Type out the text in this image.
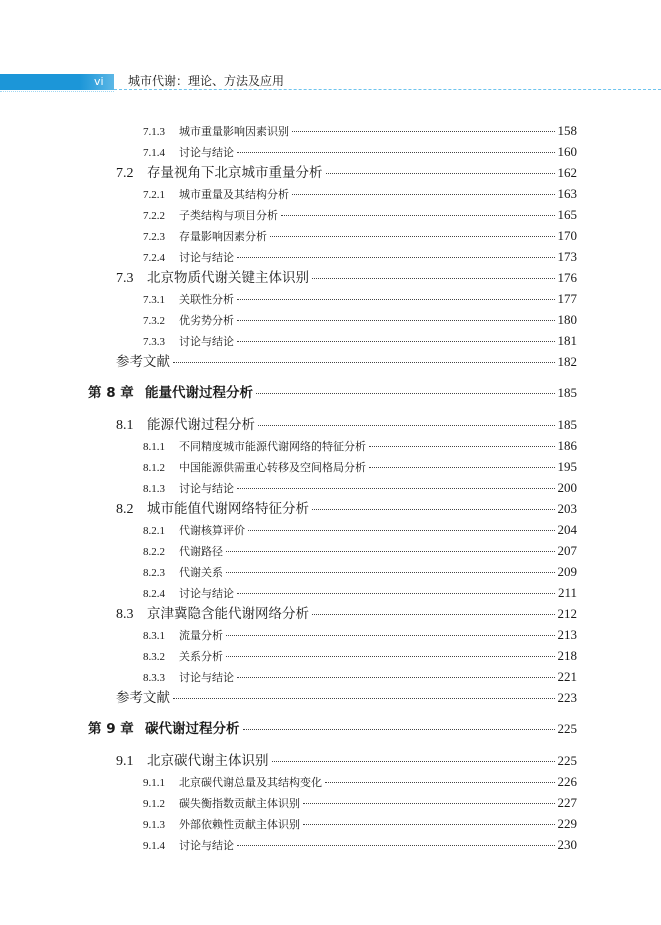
vi 城市代谢：理论、方法及应用
7.1.3	城市重量影响因素识别	158
7.1.4	讨论与结论	160
7.2	存量视角下北京城市重量分析	162
7.2.1	城市重量及其结构分析	163
7.2.2	子类结构与项目分析	165
7.2.3	存量影响因素分析	170
7.2.4	讨论与结论	173
7.3	北京物质代谢关键主体识别	176
7.3.1	关联性分析	177
7.3.2	优劣势分析	180
7.3.3	讨论与结论	181
参考文献	182
第 8 章 能量代谢过程分析	185
8.1	能源代谢过程分析	185
8.1.1	不同精度城市能源代谢网络的特征分析	186
8.1.2	中国能源供需重心转移及空间格局分析	195
8.1.3	讨论与结论	200
8.2	城市能值代谢网络特征分析	203
8.2.1	代谢核算评价	204
8.2.2	代谢路径	207
8.2.3	代谢关系	209
8.2.4	讨论与结论	211
8.3	京津冀隐含能代谢网络分析	212
8.3.1	流量分析	213
8.3.2	关系分析	218
8.3.3	讨论与结论	221
参考文献	223
第 9 章 碳代谢过程分析	225
9.1	北京碳代谢主体识别	225
9.1.1	北京碳代谢总量及其结构变化	226
9.1.2	碳失衡指数贡献主体识别	227
9.1.3	外部依赖性贡献主体识别	229
9.1.4	讨论与结论	230
